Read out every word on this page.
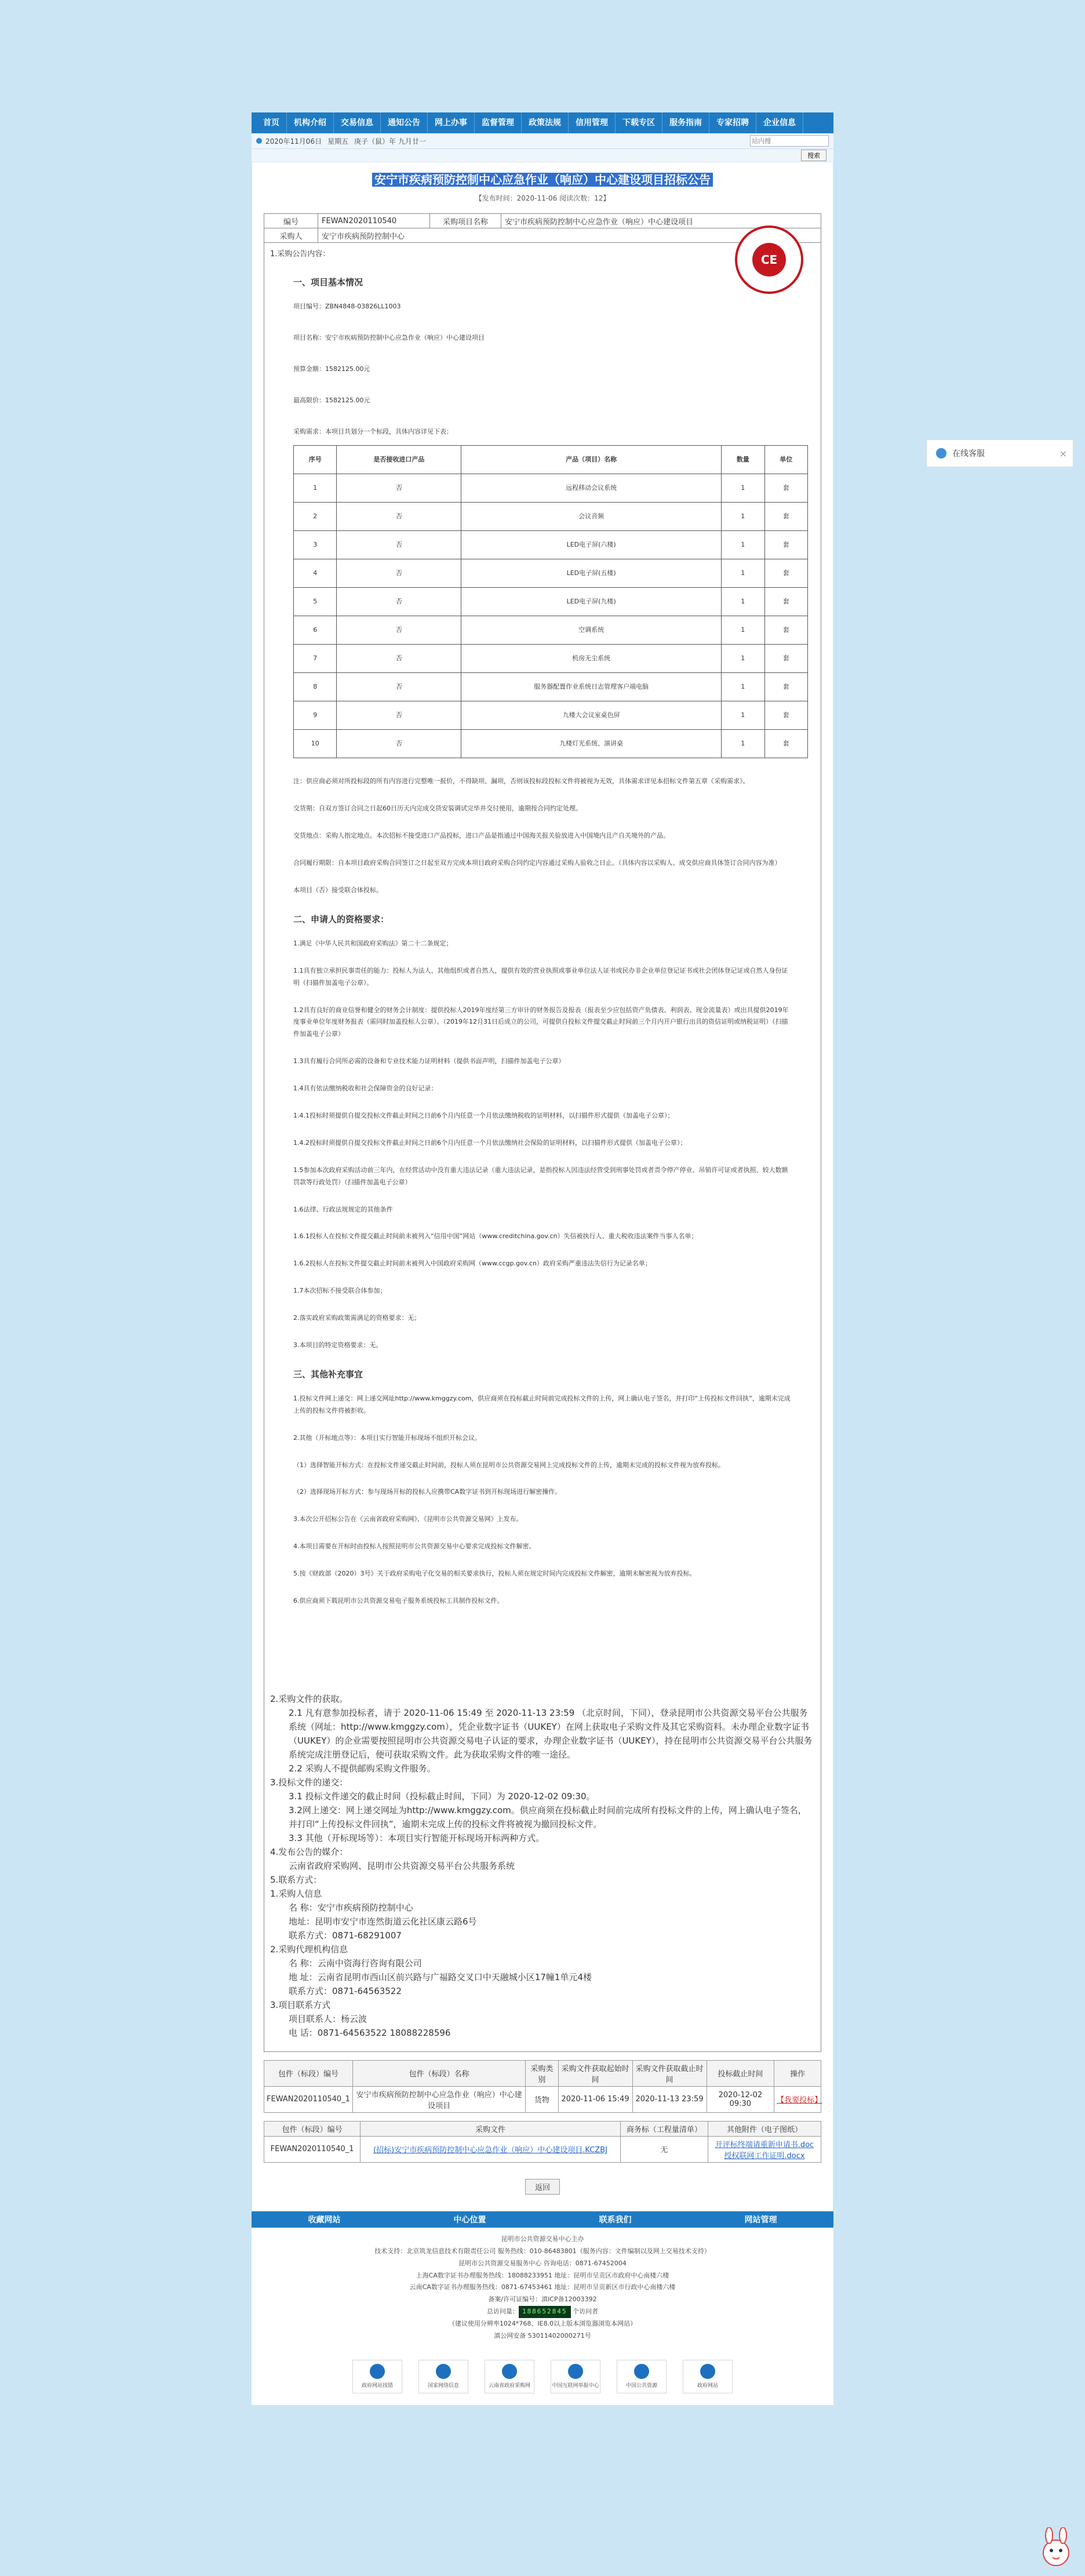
首页	机构介绍	交易信息	通知公告	网上办事	监督管理	政策法规	信用管理	下载专区	服务指南	专家招聘	企业信息
2020年11月06日 星期五 庚子（鼠）年 九月廿一
站内搜
搜索
安宁市疾病预防控制中心应急作业（响应）中心建设项目招标公告
【发布时间：2020-11-06 阅读次数：12】
编号	FEWAN2020110540	采购项目名称	安宁市疾病预防控制中心应急作业（响应）中心建设项目
采购人	安宁市疾病预防控制中心		
CE
1.采购公告内容：
一、项目基本情况
项目编号：ZBN4848-03826LL1003
项目名称：安宁市疾病预防控制中心应急作业（响应）中心建设项目
预算金额：1582125.00元
最高限价：1582125.00元
采购需求：本项目共划分一个标段，具体内容详见下表：
序号	是否接收进口产品	产品（项目）名称	数量	单位
1	否	远程移动会议系统	1	套
2	否	会议音频	1	套
3	否	LED电子屏(六楼)	1	套
4	否	LED电子屏(五楼)	1	套
5	否	LED电子屏(九楼)	1	套
6	否	空调系统	1	套
7	否	机房无尘系统	1	套
8	否	服务器配置作业系统日志管理客户端电脑	1	套
9	否	九楼大会议室桌色屏	1	套
10	否	九楼灯光系统、演讲桌	1	套
注：供应商必须对所投标段的所有内容进行完整唯一报价，不得缺项、漏项，否则该投标段投标文件将被视为无效，具体需求详见本招标文件第五章《采购需求》。
交货期：自双方签订合同之日起60日历天内完成交货安装调试完毕并交付使用，逾期按合同约定处理。
交货地点：采购人指定地点。本次招标不接受进口产品投标，进口产品是指通过中国海关报关验放进入中国境内且产自关境外的产品。
合同履行期限：自本项目政府采购合同签订之日起至双方完成本项目政府采购合同约定内容通过采购人验收之日止。（具体内容以采购人、成交供应商具体签订合同内容为准）
本项目（否）接受联合体投标。
二、申请人的资格要求：
1.满足《中华人民共和国政府采购法》第二十二条规定；
1.1具有独立承担民事责任的能力：投标人为法人、其他组织或者自然人，提供有效的营业执照或事业单位法人证书或民办非企业单位登记证书或社会团体登记证或自然人身份证明（扫描件加盖电子公章）。
1.2具有良好的商业信誉和健全的财务会计制度：提供投标人2019年度经第三方审计的财务报告及报表（报表至少应包括资产负债表、利润表、现金流量表）或出具提供2019年度事业单位年度财务报表（需同时加盖投标人公章）。（2019年12月31日后成立的公司，可提供自投标文件提交截止时间前三个月内开户银行出具的资信证明或纳税证明）（扫描件加盖电子公章）
1.3具有履行合同所必需的设备和专业技术能力证明材料（提供书面声明，扫描件加盖电子公章）
1.4具有依法缴纳税收和社会保障资金的良好记录：
1.4.1投标时须提供自提交投标文件截止时间之日前6个月内任意一个月依法缴纳税收的证明材料，以扫描件形式提供（加盖电子公章）；
1.4.2投标时须提供自提交投标文件截止时间之日前6个月内任意一个月依法缴纳社会保险的证明材料，以扫描件形式提供（加盖电子公章）；
1.5参加本次政府采购活动前三年内，在经营活动中没有重大违法记录（重大违法记录，是指投标人因违法经营受到刑事处罚或者责令停产停业、吊销许可证或者执照、较大数额罚款等行政处罚）（扫描件加盖电子公章）
1.6法律、行政法规规定的其他条件
1.6.1投标人在投标文件提交截止时间前未被列入“信用中国”网站（www.creditchina.gov.cn）失信被执行人、重大税收违法案件当事人名单；
1.6.2投标人在投标文件提交截止时间前未被列入中国政府采购网（www.ccgp.gov.cn）政府采购严重违法失信行为记录名单；
1.7本次招标不接受联合体参加；
2.落实政府采购政策需满足的资格要求：无；
3.本项目的特定资格要求：无。
三、其他补充事宜
1.投标文件网上递交：网上递交网址http://www.kmggzy.com，供应商须在投标截止时间前完成投标文件的上传，网上确认电子签名，并打印“上传投标文件回执”，逾期未完成上传的投标文件将被拒收。
2.其他（开标地点等）：本项目实行智能开标现场不组织开标会议。
（1）选择智能开标方式：在投标文件递交截止时间前，投标人须在昆明市公共资源交易网上完成投标文件的上传，逾期未完成的投标文件视为放弃投标。
（2）选择现场开标方式：参与现场开标的投标人应携带CA数字证书到开标现场进行解密操作。
3.本次公开招标公告在《云南省政府采购网》、《昆明市公共资源交易网》上发布。
4.本项目需要在开标时由投标人按照昆明市公共资源交易中心要求完成投标文件解密。
5.按《财政部（2020）3号》关于政府采购电子化交易的相关要求执行，投标人须在规定时间内完成投标文件解密，逾期未解密视为放弃投标。
6.供应商须下载昆明市公共资源交易电子服务系统投标工具制作投标文件。
2.采购文件的获取。
2.1 凡有意参加投标者，请于 2020-11-06 15:49 至 2020-11-13 23:59 （北京时间，下同），登录昆明市公共资源交易平台公共服务系统（网址：http://www.kmggzy.com），凭企业数字证书（UUKEY）在网上获取电子采购文件及其它采购资料。未办理企业数字证书（UUKEY）的企业需要按照昆明市公共资源交易电子认证的要求，办理企业数字证书（UUKEY），持在昆明市公共资源交易平台公共服务系统完成注册登记后，便可获取采购文件。此为获取采购文件的唯一途径。
2.2 采购人不提供邮购采购文件服务。
3.投标文件的递交：
3.1 投标文件递交的截止时间（投标截止时间，下同）为 2020-12-02 09:30。
3.2网上递交：网上递交网址为http://www.kmggzy.com。供应商须在投标截止时间前完成所有投标文件的上传，网上确认电子签名，并打印“上传投标文件回执”，逾期未完成上传的投标文件将被视为撤回投标文件。
3.3 其他（开标现场等）：本项目实行智能开标现场开标两种方式。
4.发布公告的媒介：
云南省政府采购网、昆明市公共资源交易平台公共服务系统
5.联系方式：
1.采购人信息
名 称：安宁市疾病预防控制中心
地址：昆明市安宁市连然街道云化社区康云路6号
联系方式：0871-68291007
2.采购代理机构信息
名 称：云南中资海行咨询有限公司
地 址：云南省昆明市西山区前兴路与广福路交叉口中天融城小区17幢1单元4楼
联系方式：0871-64563522
3.项目联系方式
项目联系人：杨云波
电 话：0871-64563522 18088228596
包件（标段）编号	包件（标段）名称	采购类别	采购文件获取起始时间	采购文件获取截止时间	投标截止时间	操作
FEWAN2020110540_1	安宁市疾病预防控制中心应急作业（响应）中心建设项目	货物	2020-11-06 15:49	2020-11-13 23:59	2020-12-02 09:30	【我要投标】
包件（标段）编号	采购文件	商务标（工程量清单）	其他附件（电子图纸）
FEWAN2020110540_1	(招标)安宁市疾病预防控制中心应急作业（响应）中心建设项目.KCZBJ	无	开评标终端请重新申请书.doc
授权联网工作证明.docx
返回
收藏网站	中心位置	联系我们	网站管理
昆明市公共资源交易中心主办
技术支持：北京筑龙信息技术有限责任公司 服务热线：010-86483801（服务内容：文件编制以及网上交易技术支持）
昆明市公共资源交易服务中心 咨询电话：0871-67452004
上海CA数字证书办理服务热线：18088233951 地址：昆明市呈贡区市政府中心南楼六楼
云南CA数字证书办理服务热线：0871-67453461 地址：昆明市呈贡新区市行政中心南楼六楼
备案/许可证编号：滇ICP备12003392
总访问量： 188652845 个访问者
（建议使用分辨率1024*768、IE8.0以上版本浏览器浏览本网站）
滇公网安备 53011402000271号
政府网站找错	国家网络信息	云南省政府采购网	中国互联网举报中心	中国公共资源	政府网站
在线客服	×
